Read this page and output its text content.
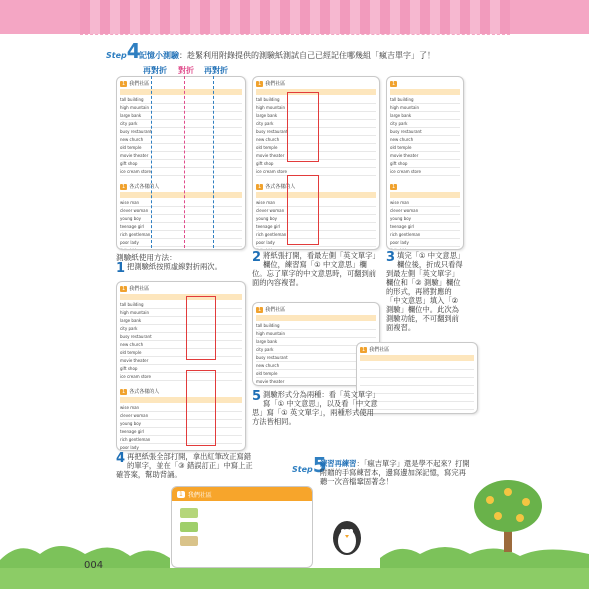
Step4
記憶小測驗：趁緊利用附錄提供的測驗紙測試自己已經記住哪幾組「瘋吉單字」了！
再對折 對折 再對折
1 我們社區
tall building
high mountain
large bank
city park
busy restaurant
new church
old temple
movie theater
gift shop
ice cream store
1 各式各樣的人
wise man
clever woman
young boy
teenage girl
rich gentleman
poor lady
1 我們社區
tall building
high mountain
large bank
city park
busy restaurant
new church
old temple
movie theater
gift shop
ice cream store
1 各式各樣的人
wise man
clever woman
young boy
teenage girl
rich gentleman
poor lady
1
tall building
high mountain
large bank
city park
busy restaurant
new church
old temple
movie theater
gift shop
ice cream store
1
wise man
clever woman
young boy
teenage girl
rich gentleman
poor lady
測驗紙使用方法：
1 把測驗紙按照虛線對折兩次。
2 將紙張打開，看最左側「英文單字」欄位，練習寫「① 中文意思」欄位。忘了單字的中文意思時，可翻到前面的內容複習。
3 填完「① 中文意思」欄位後，折成只看得到最左側「英文單字」欄位和「② 測驗」欄位的形式，再將對應的「中文意思」填入「② 測驗」欄位中。此次為測驗功能，不可翻到前面複習。
1 我們社區
tall building
high mountain
large bank
city park
busy restaurant
new church
old temple
movie theater
gift shop
ice cream store
1 各式各樣的人
wise man
clever woman
young boy
teenage girl
rich gentleman
poor lady
4 再把紙張全部打開，拿出紅筆改正寫錯的單字，並在「③ 錯誤訂正」中寫上正確答案，幫助背誦。
1 我們社區
tall building
high mountain
large bank
city park
busy restaurant
new church
old temple
movie theater
1 我們社區
5 測驗形式分為兩種：看「英文單字」寫「① 中文意思」，以及看「中文意思」寫「① 英文單字」，兩種形式使用方法皆相同。
Step5
練習再練習：「瘋吉單字」還是學不起來？打開附贈的手寫練習本，邊寫邊加深記憶，寫完再聽一次音檔鞏固著念！
1 我們社區
004
